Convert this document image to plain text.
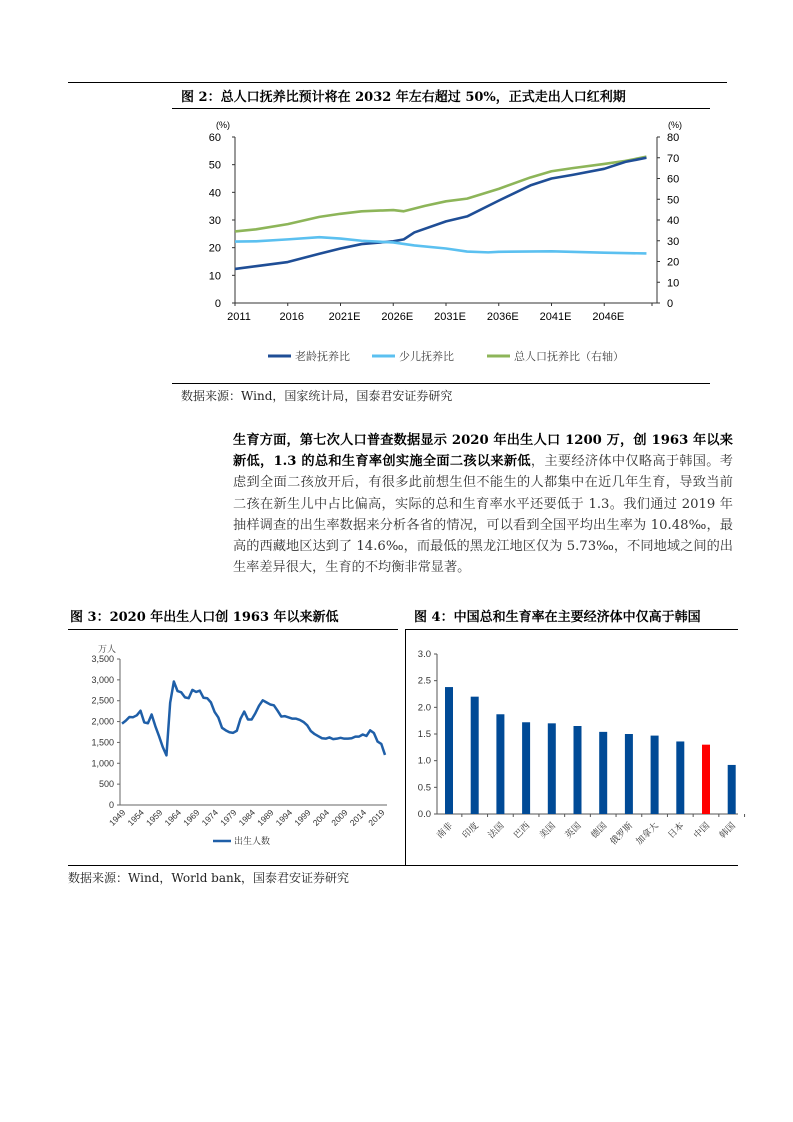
图 2：总人口抚养比预计将在 2032 年左右超过 50%，正式走出人口红利期
(%)	(%)
0
10
20
30
40
50
60
0
10
20
30
40
50
60
70
80
2011	2016 2021E 2026E 2031E 2036E 2041E 2046E
老龄抚养比	少儿抚养比	总人口抚养比（右轴）
数据来源：Wind，国家统计局，国泰君安证券研究
生育方面，第七次人口普查数据显示 2020 年出生人口 1200 万，创 1963 年以来新低，1.3 的总和生育率创实施全面二孩以来新低，主要经济体中仅略高于韩国。考虑到全面二孩放开后，有很多此前想生但不能生的人都集中在近几年生育，导致当前二孩在新生儿中占比偏高，实际的总和生育率水平还要低于 1.3。我们通过 2019 年抽样调查的出生率数据来分析各省的情况，可以看到全国平均出生率为 10.48‰，最高的西藏地区达到了 14.6‰，而最低的黑龙江地区仅为 5.73‰，不同地域之间的出生率差异很大，生育的不均衡非常显著。
图 3：2020 年出生人口创 1963 年以来新低	图 4：中国总和生育率在主要经济体中仅高于韩国
万人
0
500
1,000
1,500
2,000
2,500
3,000
3,500
1949
1954
1959
1964
1969
1974
1979
1984
1989
1994
1999
2004
2009
2014
2019
出生人数
0.0
0.5
1.0
1.5
2.0
2.5
3.0
南非 印度 法国 巴西 美国 英国 德国 俄罗斯 加拿大 日本 中国 韩国
数据来源：Wind，World bank，国泰君安证券研究
